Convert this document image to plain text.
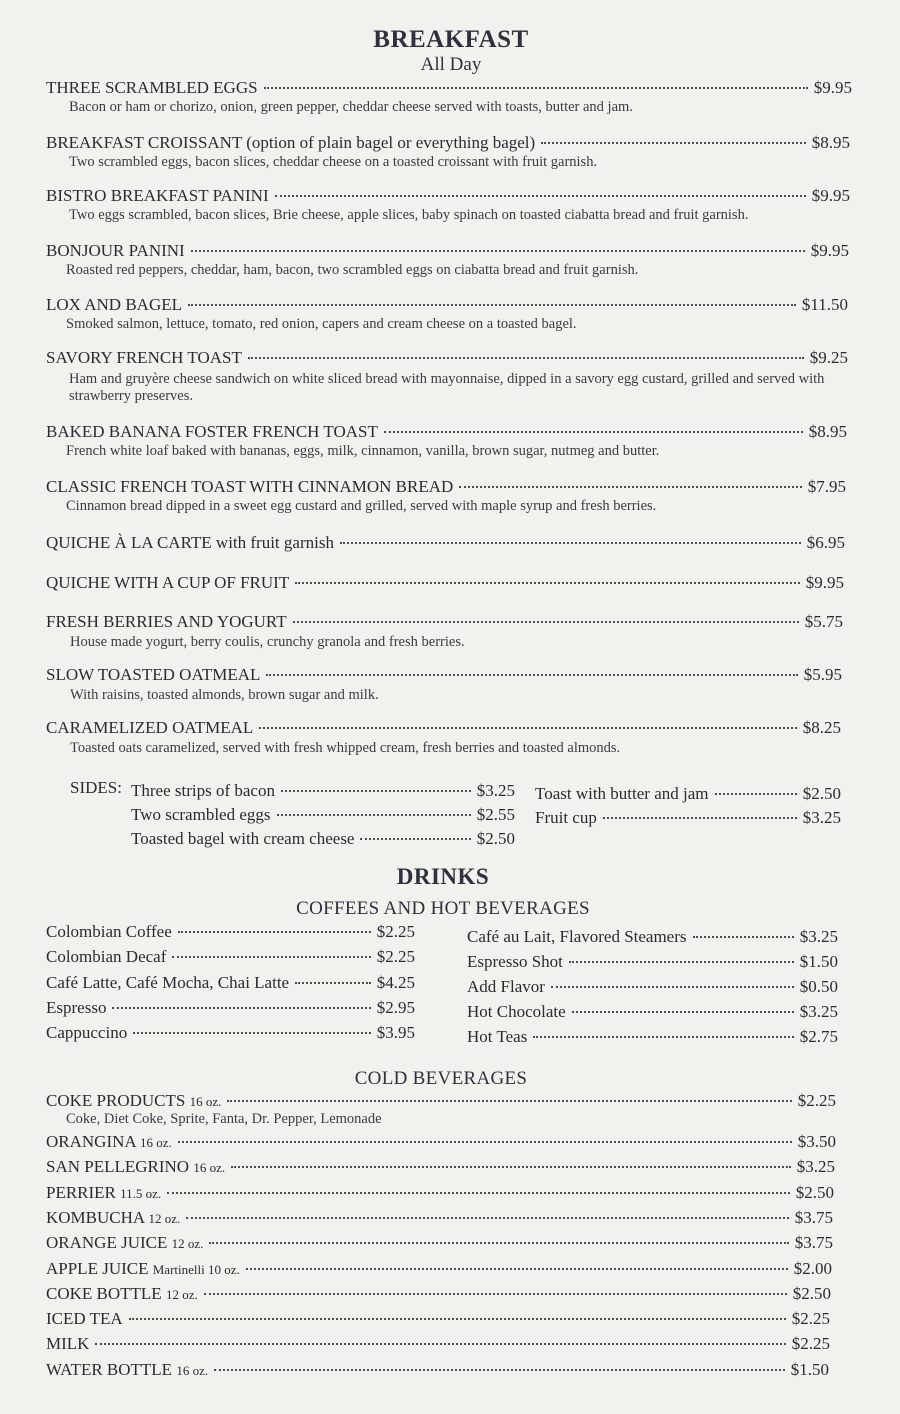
BREAKFAST
All Day
THREE SCRAMBLED EGGS	$9.95
Bacon or ham or chorizo, onion, green pepper, cheddar cheese served with toasts, butter and jam.
BREAKFAST CROISSANT (option of plain bagel or everything bagel)	$8.95
Two scrambled eggs, bacon slices, cheddar cheese on a toasted croissant with fruit garnish.
BISTRO BREAKFAST PANINI	$9.95
Two eggs scrambled, bacon slices, Brie cheese, apple slices, baby spinach on toasted ciabatta bread and fruit garnish.
BONJOUR PANINI	$9.95
Roasted red peppers, cheddar, ham, bacon, two scrambled eggs on ciabatta bread and fruit garnish.
LOX AND BAGEL	$11.50
Smoked salmon, lettuce, tomato, red onion, capers and cream cheese on a toasted bagel.
SAVORY FRENCH TOAST	$9.25
Ham and gruyère cheese sandwich on white sliced bread with mayonnaise, dipped in a savory egg custard, grilled and served with strawberry preserves.
BAKED BANANA FOSTER FRENCH TOAST	$8.95
French white loaf baked with bananas, eggs, milk, cinnamon, vanilla, brown sugar, nutmeg and butter.
CLASSIC FRENCH TOAST WITH CINNAMON BREAD	$7.95
Cinnamon bread dipped in a sweet egg custard and grilled, served with maple syrup and fresh berries.
QUICHE À LA CARTE with fruit garnish	$6.95
QUICHE WITH A CUP OF FRUIT	$9.95
FRESH BERRIES AND YOGURT	$5.75
House made yogurt, berry coulis, crunchy granola and fresh berries.
SLOW TOASTED OATMEAL	$5.95
With raisins, toasted almonds, brown sugar and milk.
CARAMELIZED OATMEAL	$8.25
Toasted oats caramelized, served with fresh whipped cream, fresh berries and toasted almonds.
SIDES: Three strips of bacon	$3.25
Two scrambled eggs	$2.55
Toasted bagel with cream cheese	$2.50
Toast with butter and jam	$2.50
Fruit cup	$3.25
DRINKS
COFFEES AND HOT BEVERAGES
Colombian Coffee	$2.25
Colombian Decaf	$2.25
Café Latte, Café Mocha, Chai Latte	$4.25
Espresso	$2.95
Cappuccino	$3.95
Café au Lait, Flavored Steamers	$3.25
Espresso Shot	$1.50
Add Flavor	$0.50
Hot Chocolate	$3.25
Hot Teas	$2.75
COLD BEVERAGES
COKE PRODUCTS 16 oz.	$2.25
Coke, Diet Coke, Sprite, Fanta, Dr. Pepper, Lemonade
ORANGINA 16 oz.	$3.50
SAN PELLEGRINO 16 oz.	$3.25
PERRIER 11.5 oz.	$2.50
KOMBUCHA 12 oz.	$3.75
ORANGE JUICE 12 oz.	$3.75
APPLE JUICE Martinelli 10 oz.	$2.00
COKE BOTTLE 12 oz.	$2.50
ICED TEA	$2.25
MILK	$2.25
WATER BOTTLE 16 oz.	$1.50
